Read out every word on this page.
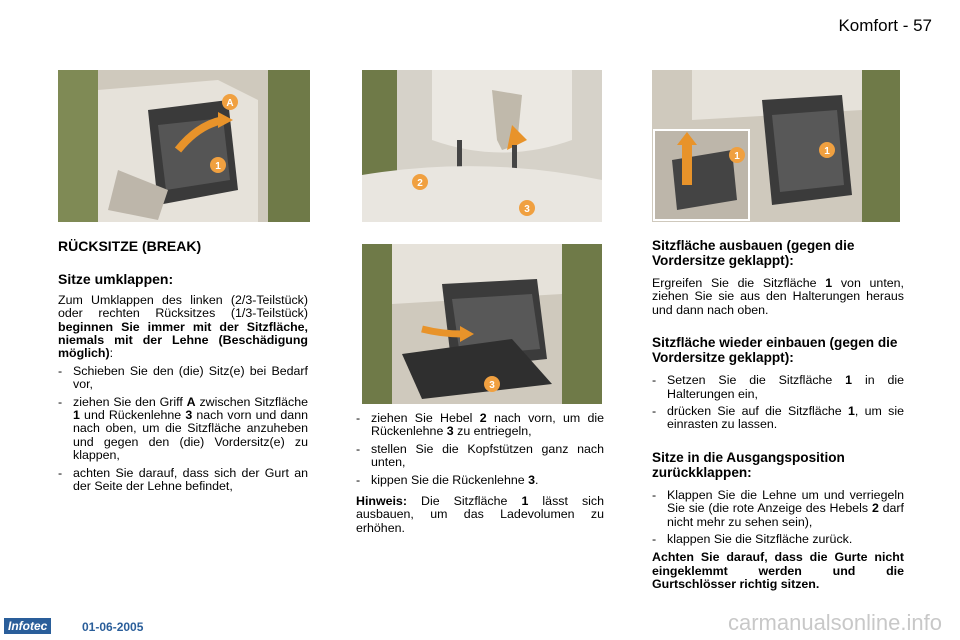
Komfort - 57
A
1
2
3
3
1	1

RÜCKSITZE (BREAK)

Sitze umklappen:

Zum Umklappen des linken (2/3-Teilstück) oder rechten Rücksitzes (1/3-Teilstück) beginnen Sie immer mit der Sitzfläche, niemals mit der Lehne (Beschädigung möglich):

- Schieben Sie den (die) Sitz(e) bei Bedarf vor,

- ziehen Sie den Griff A zwischen Sitzfläche 1 und Rückenlehne 3 nach vorn und dann nach oben, um die Sitzfläche anzuheben und gegen den (die) Vordersitz(e) zu klappen,

- achten Sie darauf, dass sich der Gurt an der Seite der Lehne befindet,

- ziehen Sie Hebel 2 nach vorn, um die Rückenlehne 3 zu entriegeln,

- stellen Sie die Kopfstützen ganz nach unten,

- kippen Sie die Rückenlehne 3.

Hinweis: Die Sitzfläche 1 lässt sich ausbauen, um das Ladevolumen zu erhöhen.

Sitzfläche ausbauen (gegen die Vordersitze geklappt):

Ergreifen Sie die Sitzfläche 1 von unten, ziehen Sie sie aus den Halterungen heraus und dann nach oben.

Sitzfläche wieder einbauen (gegen die Vordersitze geklappt):

- Setzen Sie die Sitzfläche 1 in die Halterungen ein,

- drücken Sie auf die Sitzfläche 1, um sie einrasten zu lassen.

Sitze in die Ausgangsposition zurückklappen:

- Klappen Sie die Lehne um und verriegeln Sie sie (die rote Anzeige des Hebels 2 darf nicht mehr zu sehen sein),

- klappen Sie die Sitzfläche zurück.

Achten Sie darauf, dass die Gurte nicht eingeklemmt werden und die Gurtschlösser richtig sitzen.

Infotec	01-06-2005	carmanualsonline.info
